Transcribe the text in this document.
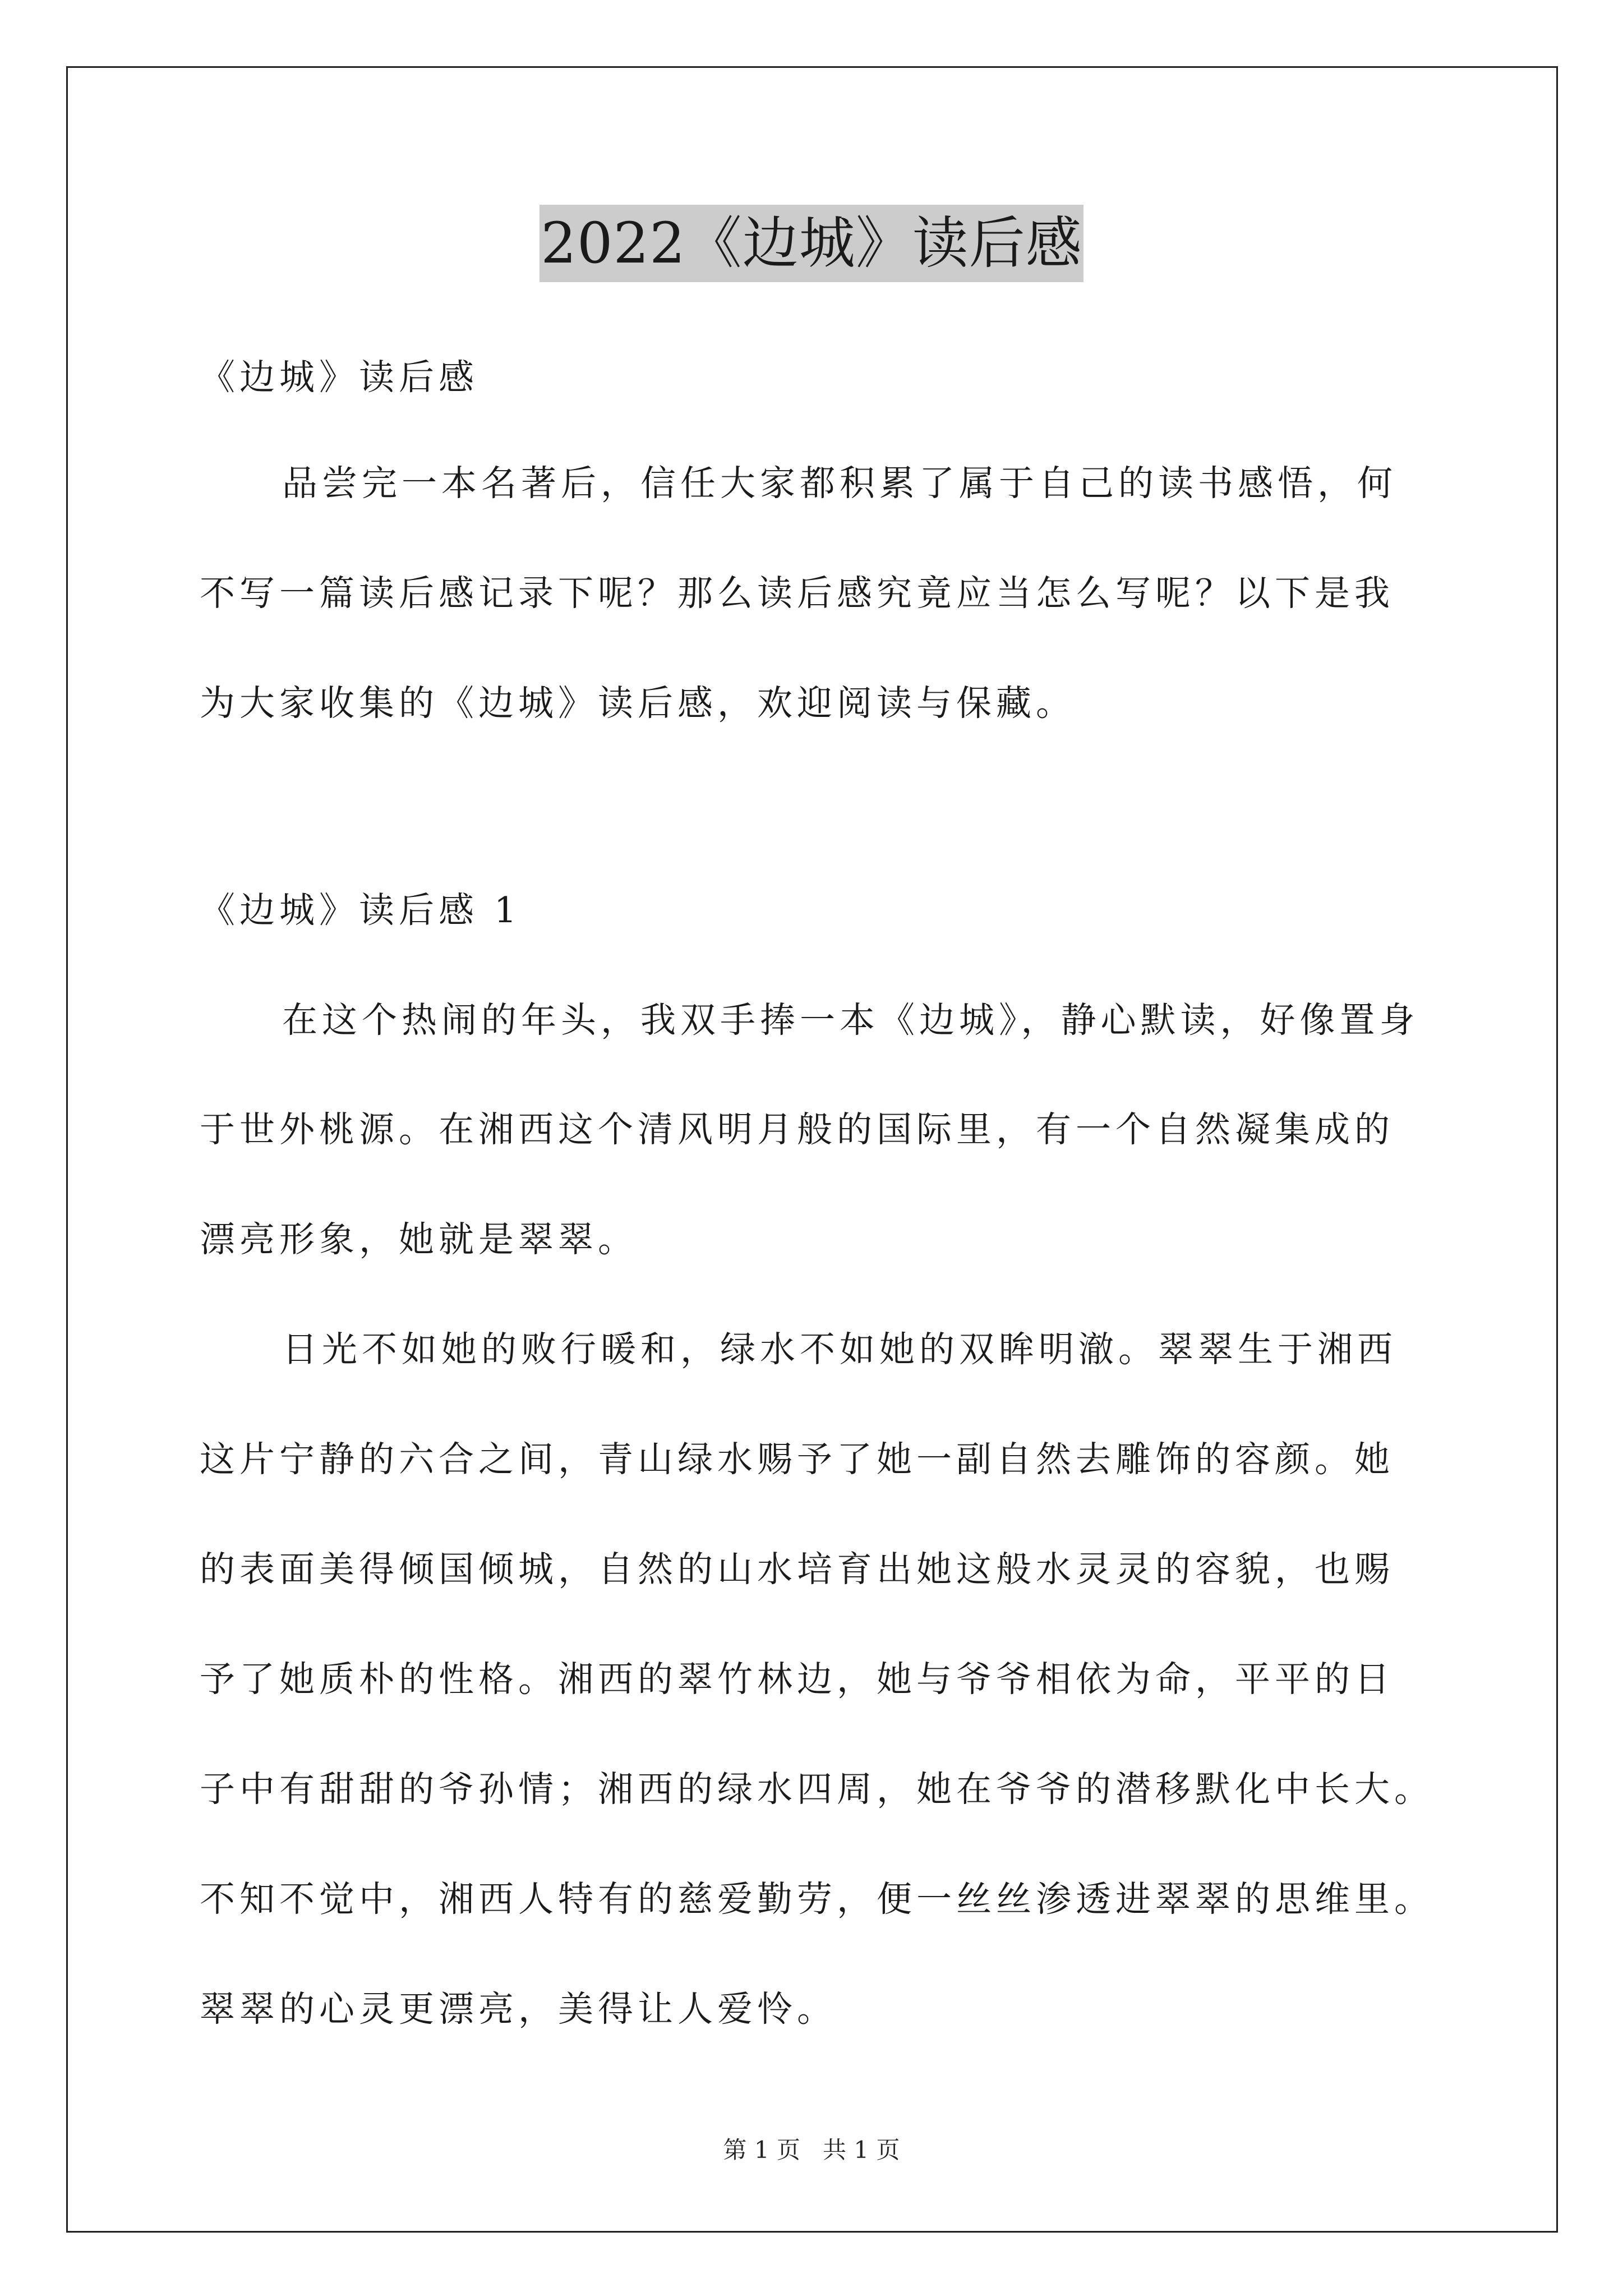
2022《边城》读后感

《边城》读后感

品尝完一本名著后，信任大家都积累了属于自己的读书感悟，何

不写一篇读后感记录下呢？那么读后感究竟应当怎么写呢？以下是我

为大家收集的《边城》读后感，欢迎阅读与保藏。

《边城》读后感 1

在这个热闹的年头，我双手捧一本《边城》，静心默读，好像置身

于世外桃源。在湘西这个清风明月般的国际里，有一个自然凝集成的

漂亮形象，她就是翠翠。

日光不如她的败行暖和，绿水不如她的双眸明澈。翠翠生于湘西

这片宁静的六合之间，青山绿水赐予了她一副自然去雕饰的容颜。她

的表面美得倾国倾城，自然的山水培育出她这般水灵灵的容貌，也赐

予了她质朴的性格。湘西的翠竹林边，她与爷爷相依为命，平平的日

子中有甜甜的爷孙情；湘西的绿水四周，她在爷爷的潜移默化中长大。

不知不觉中，湘西人特有的慈爱勤劳，便一丝丝渗透进翠翠的思维里。

翠翠的心灵更漂亮，美得让人爱怜。

第 1 页   共 1 页
